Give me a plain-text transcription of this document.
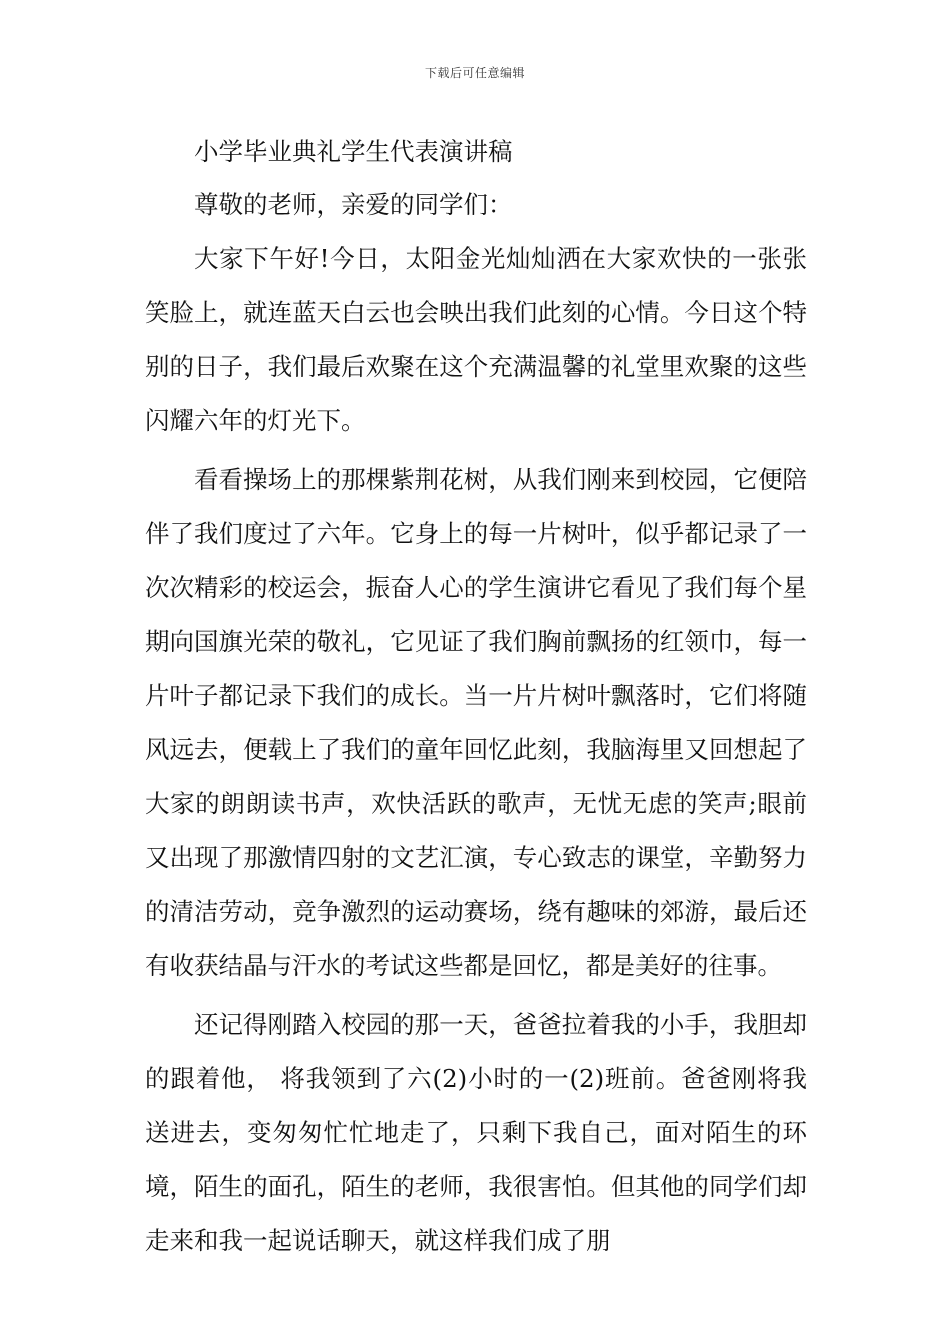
下载后可任意编辑

小学毕业典礼学生代表演讲稿

尊敬的老师，亲爱的同学们：

大家下午好!今日，太阳金光灿灿洒在大家欢快的一张张笑脸上，就连蓝天白云也会映出我们此刻的心情。今日这个特别的日子，我们最后欢聚在这个充满温馨的礼堂里欢聚的这些闪耀六年的灯光下。

看看操场上的那棵紫荆花树，从我们刚来到校园，它便陪伴了我们度过了六年。它身上的每一片树叶，似乎都记录了一次次精彩的校运会，振奋人心的学生演讲它看见了我们每个星期向国旗光荣的敬礼，它见证了我们胸前飘扬的红领巾，每一片叶子都记录下我们的成长。当一片片树叶飘落时，它们将随风远去，便载上了我们的童年回忆此刻，我脑海里又回想起了大家的朗朗读书声，欢快活跃的歌声，无忧无虑的笑声;眼前又出现了那激情四射的文艺汇演，专心致志的课堂，辛勤努力的清洁劳动，竞争激烈的运动赛场，绕有趣味的郊游，最后还有收获结晶与汗水的考试这些都是回忆，都是美好的往事。

还记得刚踏入校园的那一天，爸爸拉着我的小手，我胆却的跟着他， 将我领到了六(2)小时的一(2)班前。爸爸刚将我送进去，变匆匆忙忙地走了，只剩下我自己，面对陌生的环境，陌生的面孔，陌生的老师，我很害怕。但其他的同学们却走来和我一起说话聊天，就这样我们成了朋
